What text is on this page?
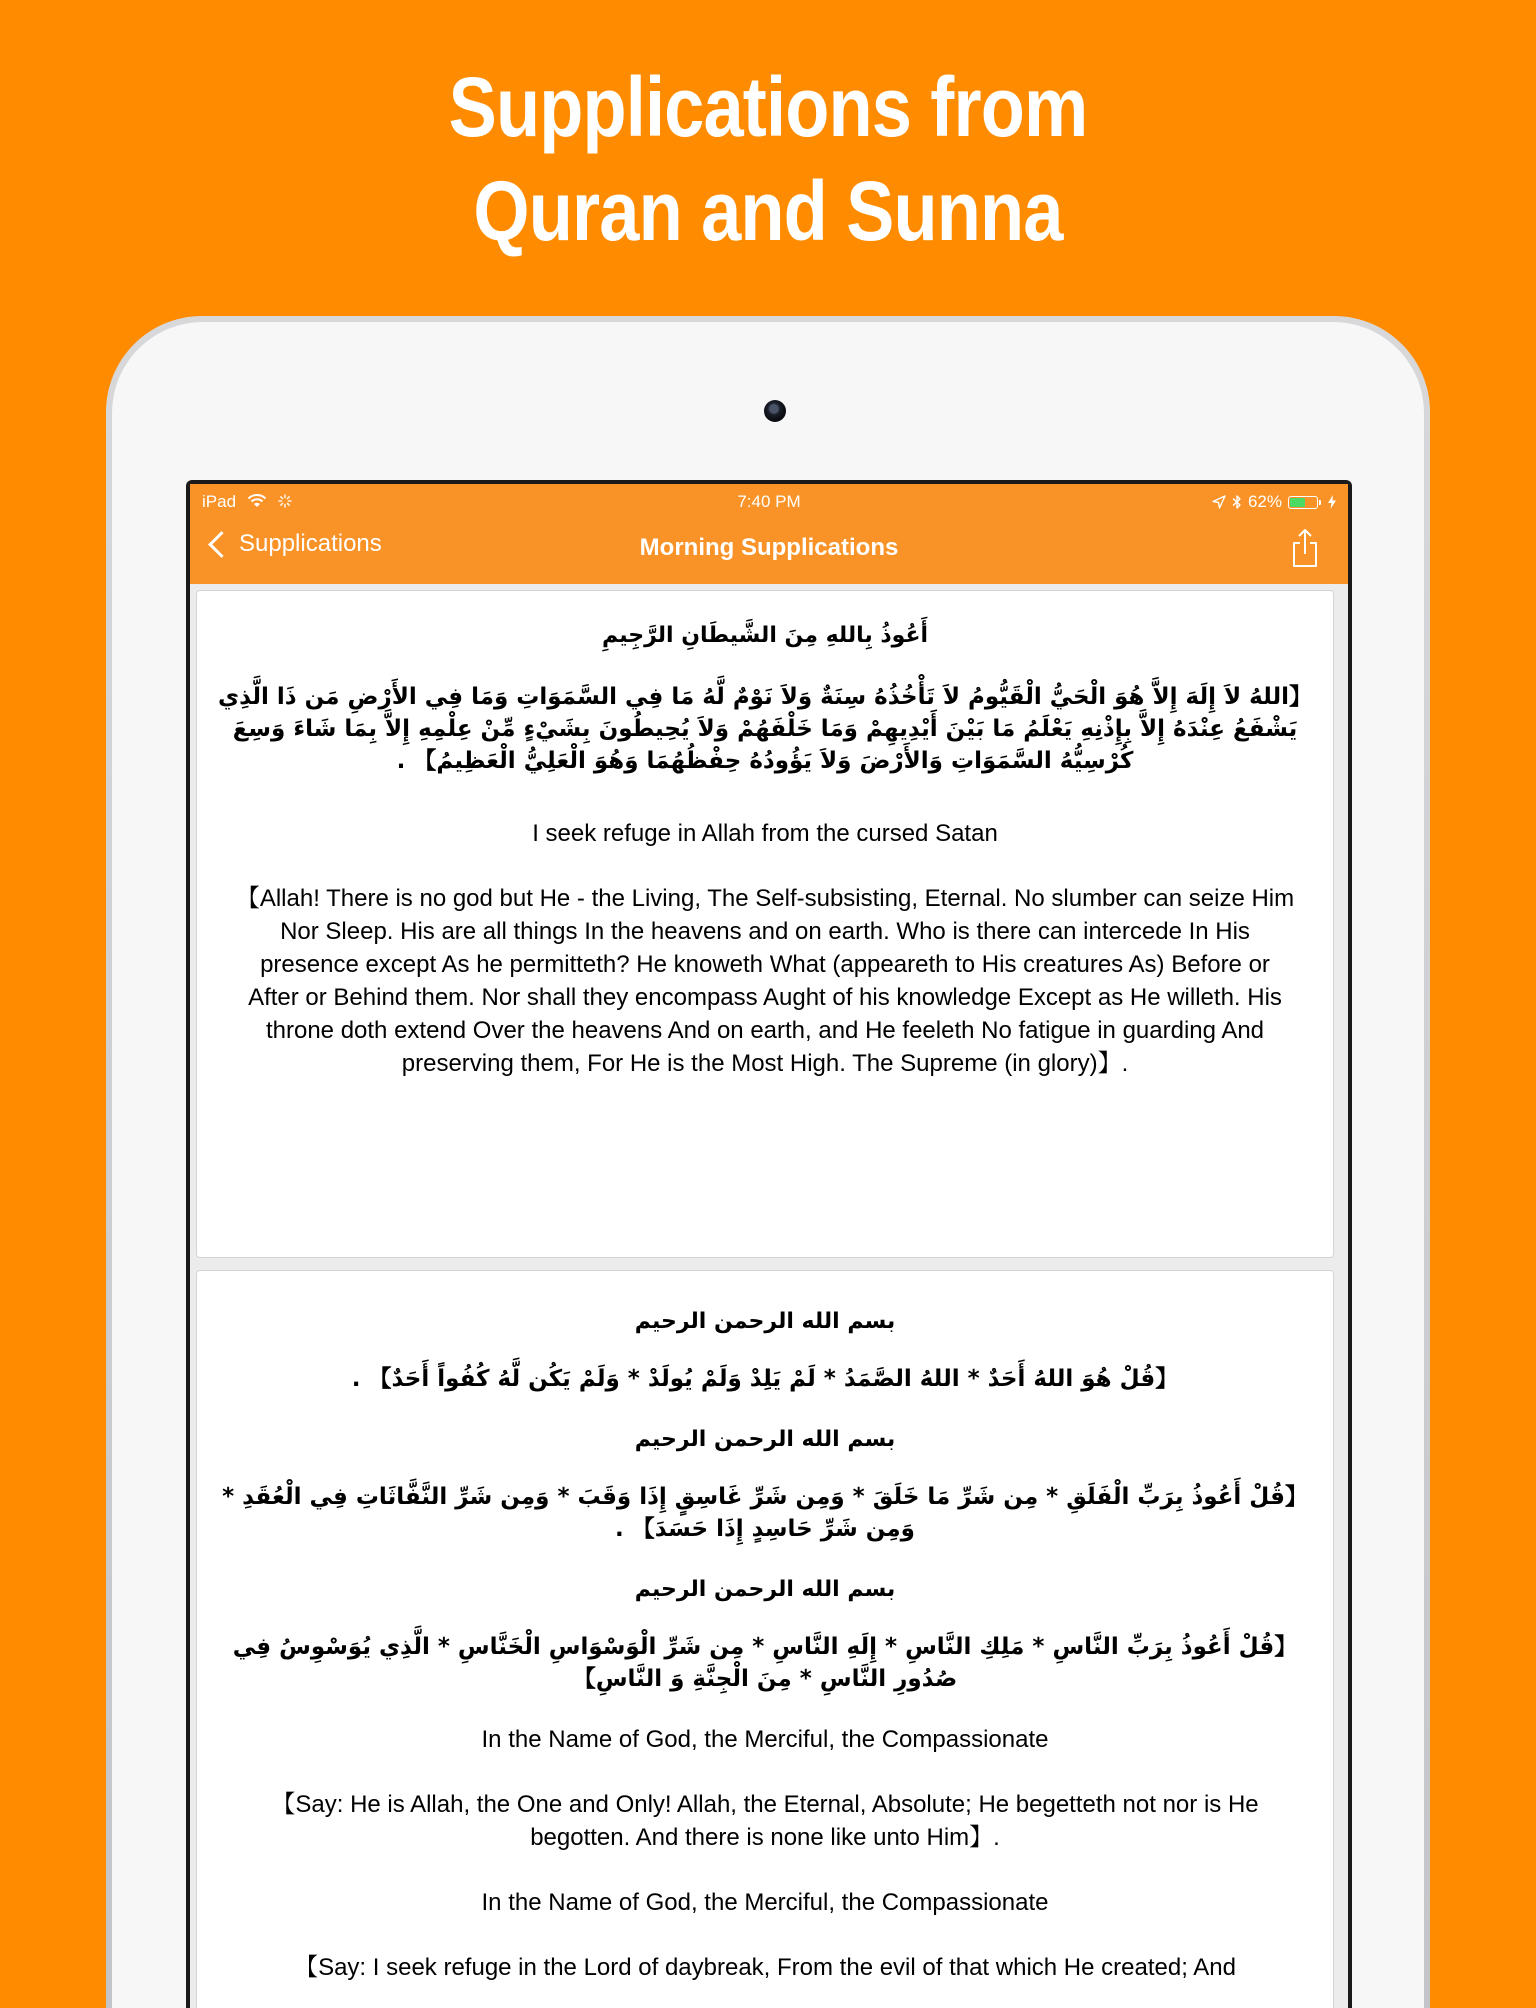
Supplications from
Quran and Sunna
iPad	7:40 PM	62%
Supplications	Morning Supplications
أَعُوذُ بِاللهِ مِنَ الشَّيطَانِ الرَّجِيمِ
【اللهُ لاَ إِلَهَ إِلاَّ هُوَ الْحَيُّ الْقَيُّومُ لاَ تَأْخُذُهُ سِنَةٌ وَلاَ نَوْمٌ لَّهُ مَا فِي السَّمَوَاتِ وَمَا فِي الأَرْضِ مَن ذَا الَّذِي يَشْفَعُ عِنْدَهُ إِلاَّ بِإِذْنِهِ يَعْلَمُ مَا بَيْنَ أَيْدِيهِمْ وَمَا خَلْفَهُمْ وَلاَ يُحِيطُونَ بِشَيْءٍ مِّنْ عِلْمِهِ إِلاَّ بِمَا شَاءَ وَسِعَ كُرْسِيُّهُ السَّمَوَاتِ وَالأَرْضَ وَلاَ يَؤُودُهُ حِفْظُهُمَا وَهُوَ الْعَلِيُّ الْعَظِيمُ】 .
I seek refuge in Allah from the cursed Satan
【Allah! There is no god but He - the Living, The Self-subsisting, Eternal. No slumber can seize Him Nor Sleep. His are all things In the heavens and on earth. Who is there can intercede In His presence except As he permitteth? He knoweth What (appeareth to His creatures As) Before or After or Behind them. Nor shall they encompass Aught of his knowledge Except as He willeth. His throne doth extend Over the heavens And on earth, and He feeleth No fatigue in guarding And preserving them, For He is the Most High. The Supreme (in glory)】.
بسم الله الرحمن الرحيم
【قُلْ هُوَ اللهُ أَحَدٌ * اللهُ الصَّمَدُ * لَمْ يَلِدْ وَلَمْ يُولَدْ * وَلَمْ يَكُن لَّهُ كُفُواً أَحَدٌ】 .
بسم الله الرحمن الرحيم
【قُلْ أَعُوذُ بِرَبِّ الْفَلَقِ * مِن شَرِّ مَا خَلَقَ * وَمِن شَرِّ غَاسِقٍ إِذَا وَقَبَ * وَمِن شَرِّ النَّفَّاثَاتِ فِي الْعُقَدِ * وَمِن شَرِّ حَاسِدٍ إِذَا حَسَدَ】 .
بسم الله الرحمن الرحيم
【قُلْ أَعُوذُ بِرَبِّ النَّاسِ * مَلِكِ النَّاسِ * إِلَهِ النَّاسِ * مِن شَرِّ الْوَسْوَاسِ الْخَنَّاسِ * الَّذِي يُوَسْوِسُ فِي صُدُورِ النَّاسِ * مِنَ الْجِنَّةِ وَ النَّاسِ】
In the Name of God, the Merciful, the Compassionate
【Say: He is Allah, the One and Only! Allah, the Eternal, Absolute; He begetteth not nor is He begotten. And there is none like unto Him】.
In the Name of God, the Merciful, the Compassionate
【Say: I seek refuge in the Lord of daybreak, From the evil of that which He created; And
